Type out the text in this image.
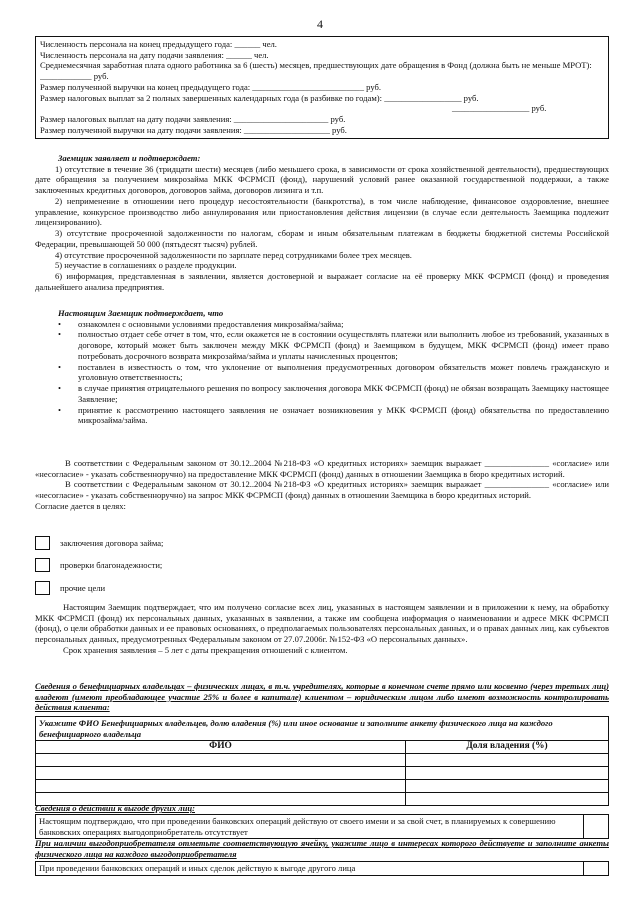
4
Численность персонала на конец предыдущего года: ______ чел.
Численность персонала на дату подачи заявления: ______ чел.
Среднемесячная заработная плата одного работника за 6 (шесть) месяцев, предшествующих дате обращения в Фонд (должна быть не меньше МРОТ): ____________ руб.
Размер полученной выручки на конец предыдущего года: __________________________ руб.
Размер налоговых выплат за 2 полных завершенных календарных года (в разбивке по годам): __________________ руб.
__________________ руб.
Размер налоговых выплат на дату подачи заявления: ______________________ руб.
Размер полученной выручки на дату подачи заявления: ____________________ руб.
Заемщик заявляет и подтверждает:
1) отсутствие в течение 36 (тридцати шести) месяцев (либо меньшего срока, в зависимости от срока хозяйственной деятельности), предшествующих дате обращения за получением микрозайма МКК ФСРМСП (фонд), нарушений условий ранее оказанной государственной поддержки, а также заключенных кредитных договоров, договоров займа, договоров лизинга и т.п.
2) неприменение в отношении него процедур несостоятельности (банкротства), в том числе наблюдение, финансовое оздоровление, внешнее управление, конкурсное производство либо аннулирования или приостановления действия лицензии (в случае если деятельность Заемщика подлежит лицензированию).
3) отсутствие просроченной задолженности по налогам, сборам и иным обязательным платежам в бюджеты бюджетной системы Российской Федерации, превышающей 50 000 (пятьдесят тысяч) рублей.
4) отсутствие просроченной задолженности по зарплате перед сотрудниками более трех месяцев.
5) неучастие в соглашениях о разделе продукции.
6) информация, представленная в заявлении, является достоверной и выражает согласие на её проверку МКК ФСРМСП (фонд) и проведения дальнейшего анализа предприятия.
Настоящим Заемщик подтверждает, что
• ознакомлен с основными условиями предоставления микрозайма/займа;
• полностью отдает себе отчет в том, что, если окажется не в состоянии осуществлять платежи или выполнить любое из требований, указанных в договоре, который может быть заключен между МКК ФСРМСП (фонд) и Заемщиком в будущем, МКК ФСРМСП (фонд) имеет право потребовать досрочного возврата микрозайма/займа и уплаты начисленных процентов;
• поставлен в известность о том, что уклонение от выполнения предусмотренных договором обязательств может повлечь гражданскую и уголовную ответственность;
• в случае принятия отрицательного решения по вопросу заключения договора МКК ФСРМСП (фонд) не обязан возвращать Заемщику настоящее Заявление;
• принятие к рассмотрению настоящего заявления не означает возникновения у МКК ФСРМСП (фонд) обязательства по предоставлению микрозайма/займа.
В соответствии с Федеральным законом от 30.12..2004 №218-ФЗ «О кредитных историях» заемщик выражает _______________ «согласие» или «несогласие» - указать собственноручно) на предоставление МКК ФСРМСП (фонд) данных в отношении Заемщика в бюро кредитных историй.
В соответствии с Федеральным законом от 30.12..2004 №218-ФЗ «О кредитных историях» заемщик выражает _______________ «согласие» или «несогласие» - указать собственноручно) на запрос МКК ФСРМСП (фонд) данных в отношении Заемщика в бюро кредитных историй.
Согласие дается в целях:
заключения договора займа;
проверки благонадежности;
прочие цели
Настоящим Заемщик подтверждает, что им получено согласие всех лиц, указанных в настоящем заявлении и в приложении к нему, на обработку МКК ФСРМСП (фонд) их персональных данных, указанных в заявлении, а также им сообщена информация о наименовании и адресе МКК ФСРМСП (фонд), о цели обработки данных и ее правовых основаниях, о предполагаемых пользователях персональных данных, и о правах данных лиц, как субъектов персональных данных, предусмотренных Федеральным законом от 27.07.2006г. №152-ФЗ «О персональных данных».
Срок хранения заявления – 5 лет с даты прекращения отношений с клиентом.
Сведения о бенефициарных владельцах – физических лицах, в т.ч. учредителях, которые в конечном счете прямо или косвенно (через третьих лиц) владеют (имеют преобладающее участие 25% и более в капитале) клиентом – юридическим лицом либо имеют возможность контролировать действия клиента:
Укажите ФИО Бенефициарных владельцев, долю владения (%) или иное основание и заполните анкету физического лица на каждого бенефициарного владельца	
ФИО	Доля владения (%)

Сведения о действии к выгоде других лиц:
Настоящим подтверждаю, что при проведении банковских операций действую от своего имени и за свой счет, в планируемых к совершению банковских операциях выгодоприобретатель отсутствует
При наличии выгодоприобретателя отметьте соответствующую ячейку, укажите лицо в интересах которого действуете и заполните анкеты физического лица на каждого выгодоприобретателя
При проведении банковских операций и иных сделок действую к выгоде другого лица
